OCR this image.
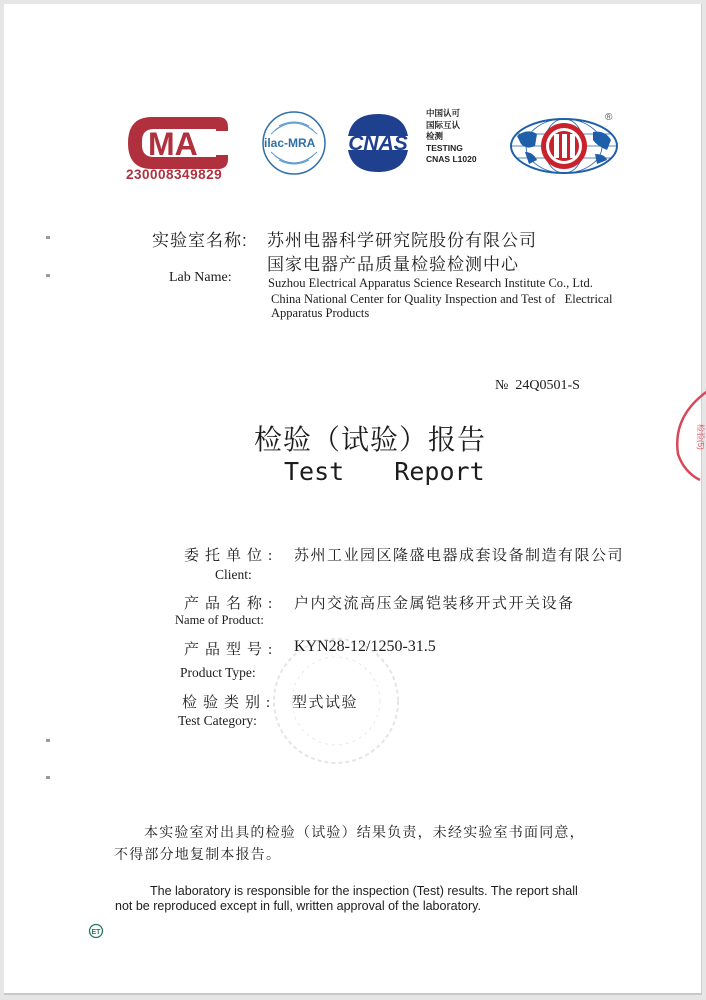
MA
230008349829
ilac-MRA CNAS
中国认可
国际互认
检测
TESTING
CNAS L1020
®
实验室名称: 苏州电器科学研究院股份有限公司
国家电器产品质量检验检测中心
Lab Name:	Suzhou Electrical Apparatus Science Research Institute Co., Ltd.
China National Center for Quality Inspection and Test of   Electrical
Apparatus Products
№ 24Q0501-S
检验（试验）报告
Test  Report
检验(5)
委托单位: 苏州工业园区隆盛电器成套设备制造有限公司
Client:
产品名称: 户内交流高压金属铠装移开式开关设备
Name of Product:
产品型号: KYN28-12/1250-31.5
Product Type:
检验类别: 型式试验
Test Category:
本实验室对出具的检验（试验）结果负责，未经实验室书面同意，
不得部分地复制本报告。
The laboratory is responsible for the inspection (Test) results. The report shall
not be reproduced except in full, written approval of the laboratory.
ET
